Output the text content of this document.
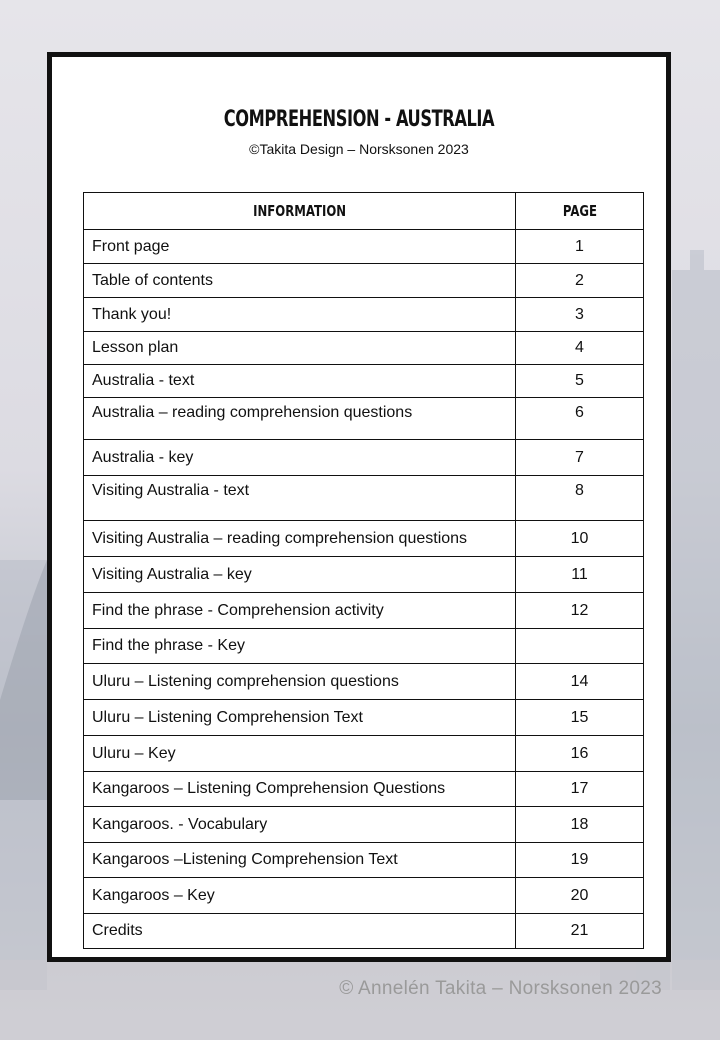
COMPREHENSION - AUSTRALIA
©Takita Design – Norsksonen 2023
INFORMATION	PAGE
Front page	1
Table of contents	2
Thank you!	3
Lesson plan	4
Australia - text	5
Australia – reading comprehension questions	6
Australia - key	7
Visiting Australia - text	8
Visiting Australia – reading comprehension questions	10
Visiting Australia – key	11
Find the phrase - Comprehension activity	12
Find the phrase - Key	
Uluru – Listening comprehension questions	14
Uluru – Listening Comprehension Text	15
Uluru – Key	16
Kangaroos – Listening Comprehension Questions	17
Kangaroos. - Vocabulary	18
Kangaroos –Listening Comprehension Text	19
Kangaroos – Key	20
Credits	21
© Annelén Takita – Norsksonen 2023
